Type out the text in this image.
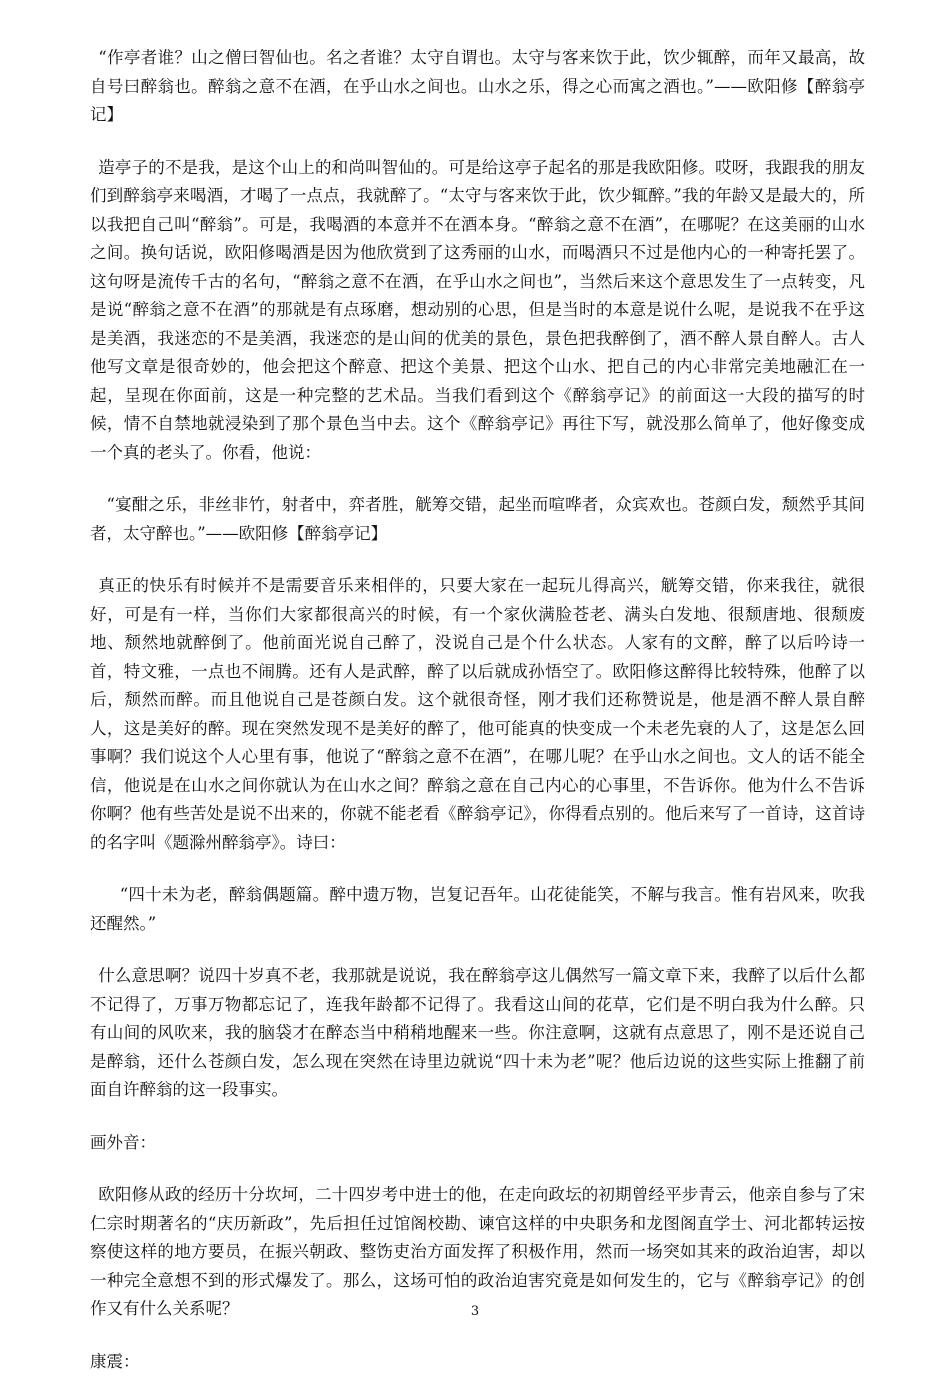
“作亭者谁？山之僧曰智仙也。名之者谁？太守自谓也。太守与客来饮于此，饮少辄醉，而年又最高，故自号曰醉翁也。醉翁之意不在酒，在乎山水之间也。山水之乐，得之心而寓之酒也。”——欧阳修【醉翁亭记】

造亭子的不是我，是这个山上的和尚叫智仙的。可是给这亭子起名的那是我欧阳修。哎呀，我跟我的朋友们到醉翁亭来喝酒，才喝了一点点，我就醉了。“太守与客来饮于此，饮少辄醉。”我的年龄又是最大的，所以我把自己叫“醉翁”。可是，我喝酒的本意并不在酒本身。“醉翁之意不在酒”，在哪呢？在这美丽的山水之间。换句话说，欧阳修喝酒是因为他欣赏到了这秀丽的山水，而喝酒只不过是他内心的一种寄托罢了。这句呀是流传千古的名句，“醉翁之意不在酒，在乎山水之间也”，当然后来这个意思发生了一点转变，凡是说“醉翁之意不在酒”的那就是有点琢磨，想动别的心思，但是当时的本意是说什么呢，是说我不在乎这是美酒，我迷恋的不是美酒，我迷恋的是山间的优美的景色，景色把我醉倒了，酒不醉人景自醉人。古人他写文章是很奇妙的，他会把这个醉意、把这个美景、把这个山水、把自己的内心非常完美地融汇在一起，呈现在你面前，这是一种完整的艺术品。当我们看到这个《醉翁亭记》的前面这一大段的描写的时候，情不自禁地就浸染到了那个景色当中去。这个《醉翁亭记》再往下写，就没那么简单了，他好像变成一个真的老头了。你看，他说：

“宴酣之乐，非丝非竹，射者中，弈者胜，觥筹交错，起坐而喧哗者，众宾欢也。苍颜白发，颓然乎其间者，太守醉也。”——欧阳修【醉翁亭记】

真正的快乐有时候并不是需要音乐来相伴的，只要大家在一起玩儿得高兴，觥筹交错，你来我往，就很好，可是有一样，当你们大家都很高兴的时候，有一个家伙满脸苍老、满头白发地、很颓唐地、很颓废地、颓然地就醉倒了。他前面光说自己醉了，没说自己是个什么状态。人家有的文醉，醉了以后吟诗一首，特文雅，一点也不闹腾。还有人是武醉，醉了以后就成孙悟空了。欧阳修这醉得比较特殊，他醉了以后，颓然而醉。而且他说自己是苍颜白发。这个就很奇怪，刚才我们还称赞说是，他是酒不醉人景自醉人，这是美好的醉。现在突然发现不是美好的醉了，他可能真的快变成一个未老先衰的人了，这是怎么回事啊？我们说这个人心里有事，他说了“醉翁之意不在酒”，在哪儿呢？在乎山水之间也。文人的话不能全信，他说是在山水之间你就认为在山水之间？醉翁之意在自己内心的心事里，不告诉你。他为什么不告诉你啊？他有些苦处是说不出来的，你就不能老看《醉翁亭记》，你得看点别的。他后来写了一首诗，这首诗的名字叫《题滁州醉翁亭》。诗曰：

“四十未为老，醉翁偶题篇。醉中遗万物，岂复记吾年。山花徒能笑，不解与我言。惟有岩风来，吹我还醒然。”

什么意思啊？说四十岁真不老，我那就是说说，我在醉翁亭这儿偶然写一篇文章下来，我醉了以后什么都不记得了，万事万物都忘记了，连我年龄都不记得了。我看这山间的花草，它们是不明白我为什么醉。只有山间的风吹来，我的脑袋才在醉态当中稍稍地醒来一些。你注意啊，这就有点意思了，刚不是还说自己是醉翁，还什么苍颜白发，怎么现在突然在诗里边就说“四十未为老”呢？他后边说的这些实际上推翻了前面自许醉翁的这一段事实。

画外音：

欧阳修从政的经历十分坎坷，二十四岁考中进士的他，在走向政坛的初期曾经平步青云，他亲自参与了宋仁宗时期著名的“庆历新政”，先后担任过馆阁校勘、谏官这样的中央职务和龙图阁直学士、河北都转运按察使这样的地方要员，在振兴朝政、整饬吏治方面发挥了积极作用，然而一场突如其来的政治迫害，却以一种完全意想不到的形式爆发了。那么，这场可怕的政治迫害究竟是如何发生的，它与《醉翁亭记》的创作又有什么关系呢？

康震：

3
